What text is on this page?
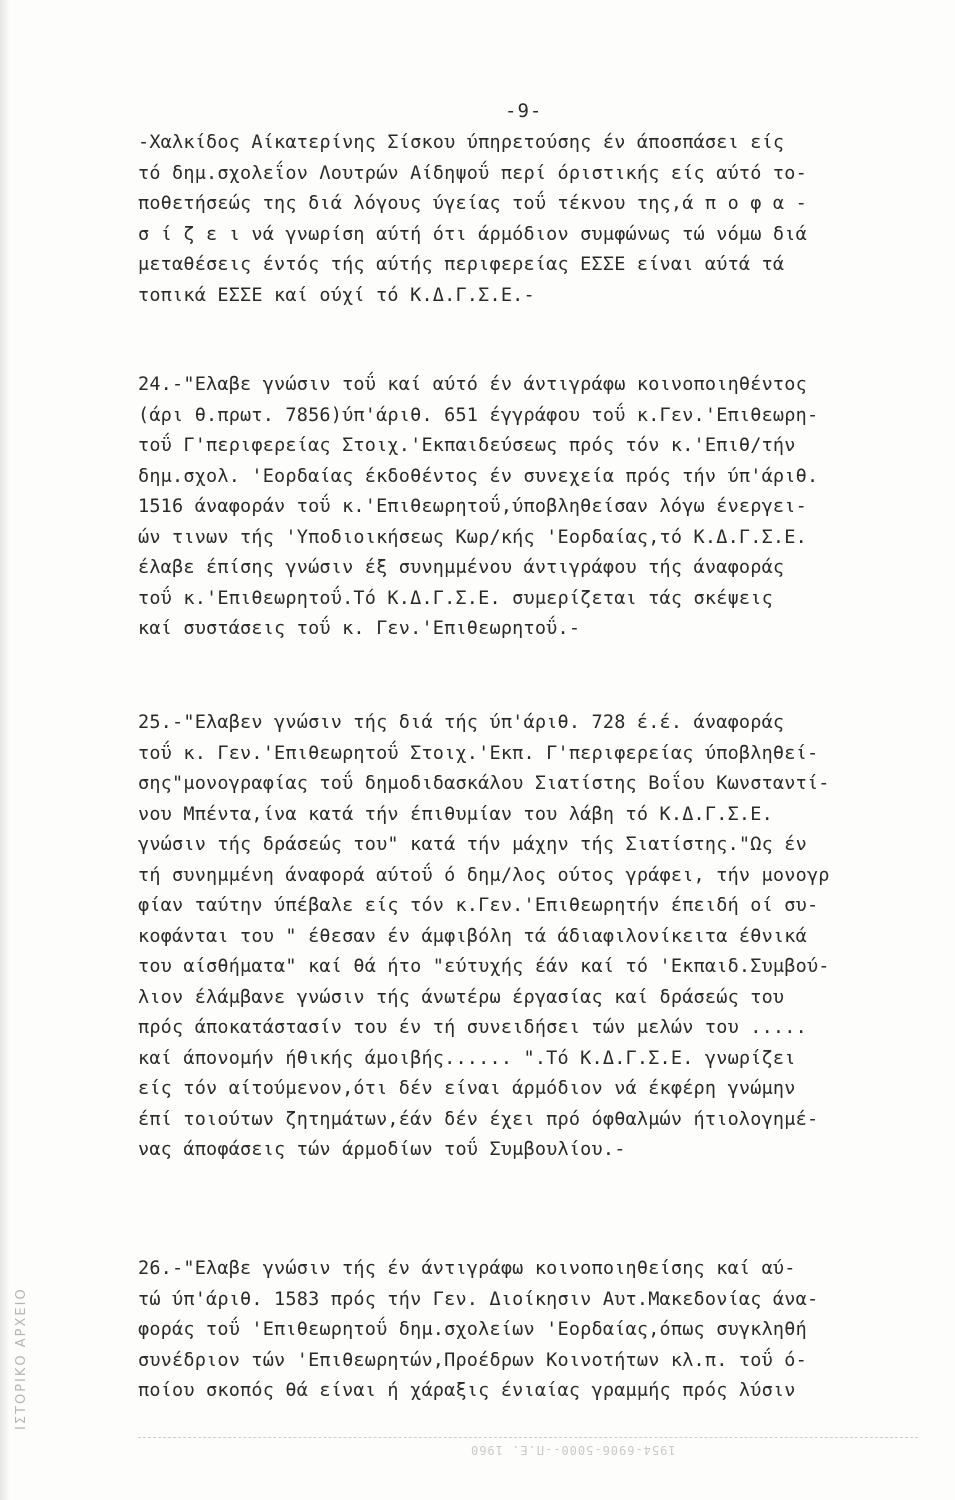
-9-
-Χαλκίδος Αίκατερίνης Σίσκου ύπηρετούσης έν άποσπάσει είς
τό δημ.σχολεΐον Λουτρών Αίδηψοΰ περί όριστικής είς αύτό το-
ποθετήσεώς της διά λόγους ύγείας τοΰ τέκνου της,ά π ο φ α -
σ ί ζ ε ι νά γνωρίση αύτή ότι άρμόδιον συμφώνως τώ νόμω διά
μεταθέσεις έντός τής αύτής περιφερείας ΕΣΣΕ είναι αύτά τά
τοπικά ΕΣΣΕ καί ούχί τό Κ.Δ.Γ.Σ.Ε.-
24.-"Ελαβε γνώσιν τοΰ καί αύτό έν άντιγράφω κοινοποιηθέντος
(άρι θ.πρωτ. 7856)ύπ'άριθ. 651 έγγράφου τοΰ κ.Γεν.'Επιθεωρη-
τοΰ Γ'περιφερείας Στοιχ.'Εκπαιδεύσεως πρός τόν κ.'Επιθ/τήν
δημ.σχολ. 'Εορδαίας έκδοθέντος έν συνεχεία πρός τήν ύπ'άριθ.
1516 άναφοράν τοΰ κ.'Επιθεωρητοΰ,ύποβληθείσαν λόγω ένεργει-
ών τινων τής 'Υποδιοικήσεως Κωρ/κής 'Εορδαίας,τό Κ.Δ.Γ.Σ.Ε.
έλαβε έπίσης γνώσιν έξ συνημμένου άντιγράφου τής άναφοράς
τοΰ κ.'Επιθεωρητοΰ.Τό Κ.Δ.Γ.Σ.Ε. συμερίζεται τάς σκέψεις
καί συστάσεις τοΰ κ. Γεν.'Επιθεωρητοΰ.-
25.-"Ελαβεν γνώσιν τής διά τής ύπ'άριθ. 728 έ.έ. άναφοράς
τοΰ κ. Γεν.'Επιθεωρητοΰ Στοιχ.'Εκπ. Γ'περιφερείας ύποβληθεί-
σης"μονογραφίας τοΰ δημοδιδασκάλου Σιατίστης Βοΐου Κωνσταντί-
νου Μπέντα,ίνα κατά τήν έπιθυμίαν του λάβη τό Κ.Δ.Γ.Σ.Ε.
γνώσιν τής δράσεώς του" κατά τήν μάχην τής Σιατίστης."Ως έν
τή συνημμένη άναφορά αύτοΰ ό δημ/λος ούτος γράφει, τήν μονογρ
φίαν ταύτην ύπέβαλε είς τόν κ.Γεν.'Επιθεωρητήν έπειδή οί συ-
κοφάνται του " έθεσαν έν άμφιβόλη τά άδιαφιλονίκειτα έθνικά
του αίσθήματα" καί θά ήτο "εύτυχής έάν καί τό 'Εκπαιδ.Συμβού-
λιον έλάμβανε γνώσιν τής άνωτέρω έργασίας καί δράσεώς του
πρός άποκατάστασίν του έν τή συνειδήσει τών μελών του .....
καί άπονομήν ήθικής άμοιβής...... ".Τό Κ.Δ.Γ.Σ.Ε. γνωρίζει
είς τόν αίτούμενον,ότι δέν είναι άρμόδιον νά έκφέρη γνώμην
έπί τοιούτων ζητημάτων,έάν δέν έχει πρό όφθαλμών ήτιολογημέ-
νας άποφάσεις τών άρμοδίων τοΰ Συμβουλίου.-
26.-"Ελαβε γνώσιν τής έν άντιγράφω κοινοποιηθείσης καί αύ-
τώ ύπ'άριθ. 1583 πρός τήν Γεν. Διοίκησιν Αυτ.Μακεδονίας άνα-
φοράς τοΰ 'Επιθεωρητοΰ δημ.σχολείων 'Εορδαίας,όπως συγκληθή
συνέδριον τών 'Επιθεωρητών,Προέδρων Κοινοτήτων κλ.π. τοΰ ό-
ποίου σκοπός θά είναι ή χάραξις ένιαίας γραμμής πρός λύσιν
1954-6906-5000--Π.Ε. 1960
ΙΣΤΟΡΙΚΟ ΑΡΧΕΙΟ
